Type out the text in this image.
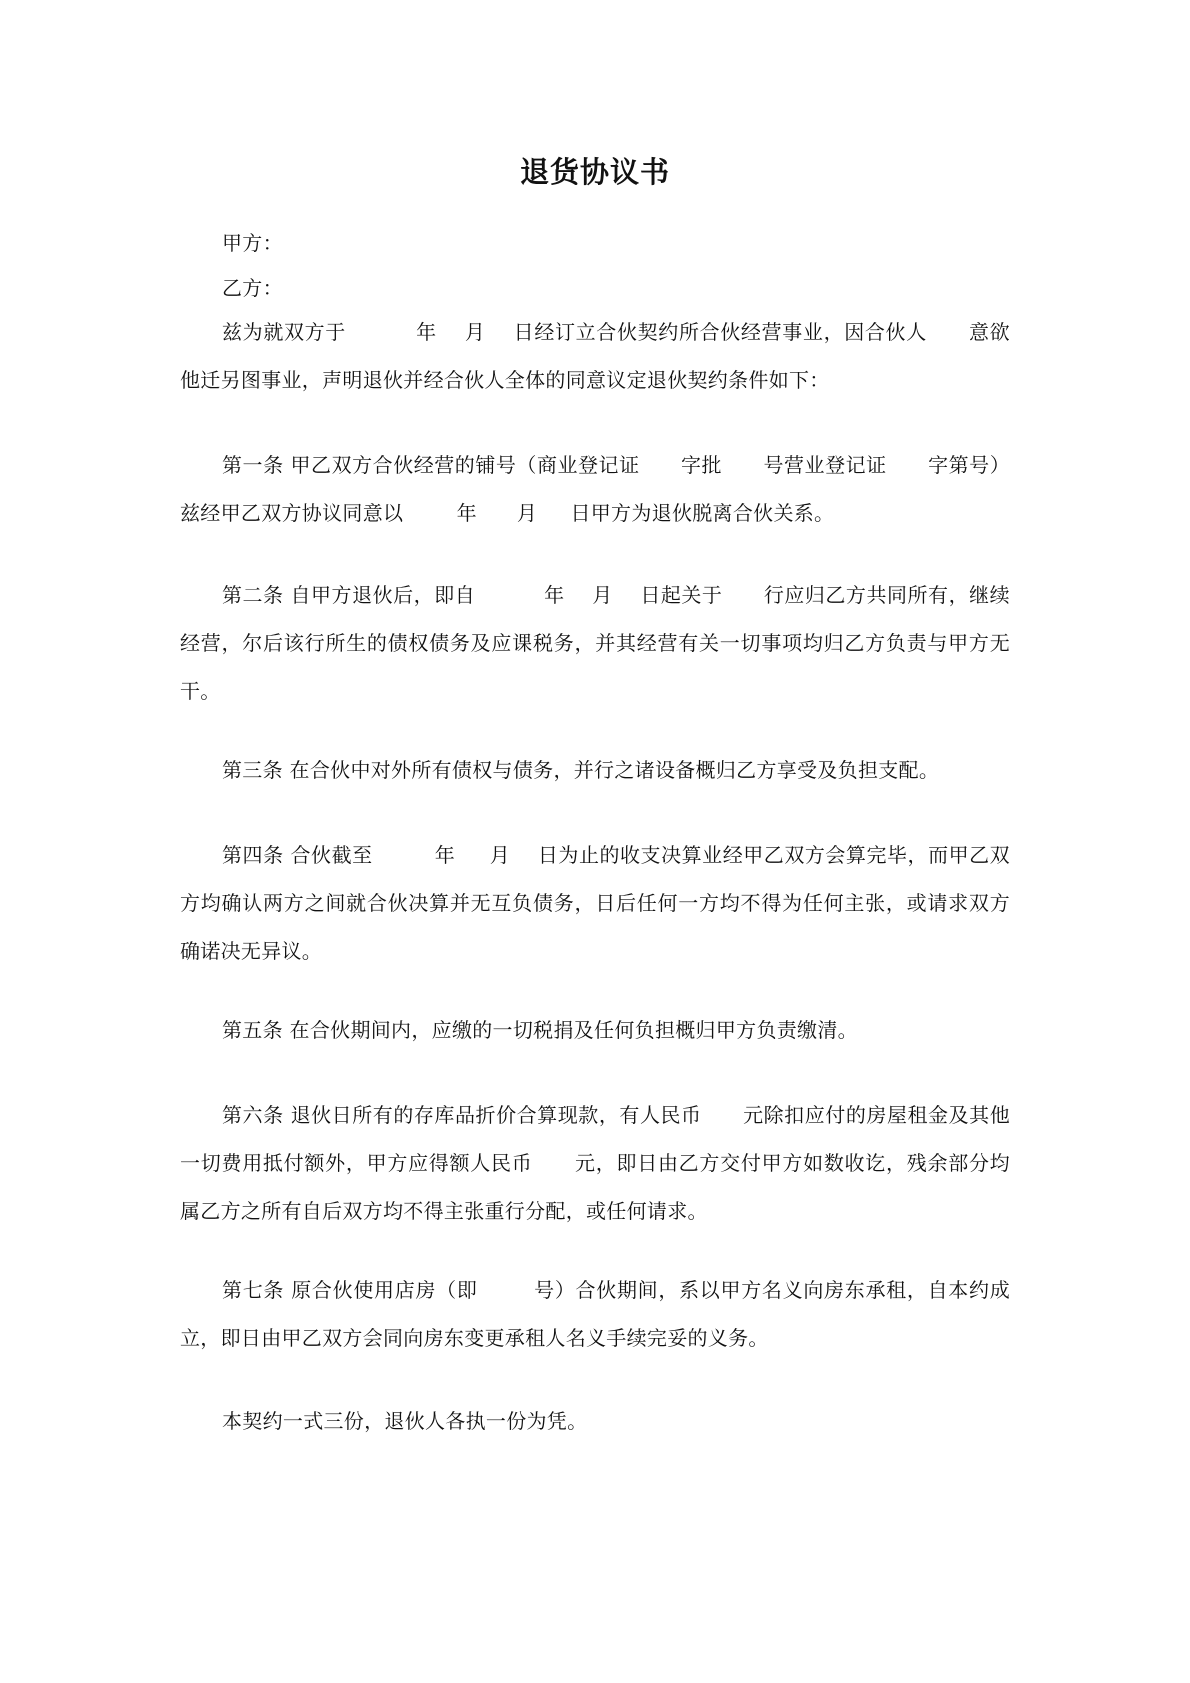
退货协议书
甲方：
乙方：
兹为就双方于	年 月 日经订立合伙契约所合伙经营事业，因合伙人 意欲他迁另图事业，声明退伙并经合伙人全体的同意议定退伙契约条件如下：
第一条 甲乙双方合伙经营的铺号（商业登记证 字批 号营业登记证 字第号）兹经甲乙双方协议同意以	年 月 日甲方为退伙脱离合伙关系。
第二条 自甲方退伙后，即自	年 月 日起关于 行应归乙方共同所有，继续经营，尔后该行所生的债权债务及应课税务，并其经营有关一切事项均归乙方负责与甲方无干。
第三条 在合伙中对外所有债权与债务，并行之诸设备概归乙方享受及负担支配。
第四条 合伙截至	年 月 日为止的收支决算业经甲乙双方会算完毕，而甲乙双方均确认两方之间就合伙决算并无互负债务，日后任何一方均不得为任何主张，或请求双方确诺决无异议。
第五条 在合伙期间内，应缴的一切税捐及任何负担概归甲方负责缴清。
第六条 退伙日所有的存库品折价合算现款，有人民币 元除扣应付的房屋租金及其他一切费用抵付额外，甲方应得额人民币 元，即日由乙方交付甲方如数收讫，残余部分均属乙方之所有自后双方均不得主张重行分配，或任何请求。
第七条 原合伙使用店房（即	号）合伙期间，系以甲方名义向房东承租，自本约成立，即日由甲乙双方会同向房东变更承租人名义手续完妥的义务。
本契约一式三份，退伙人各执一份为凭。
